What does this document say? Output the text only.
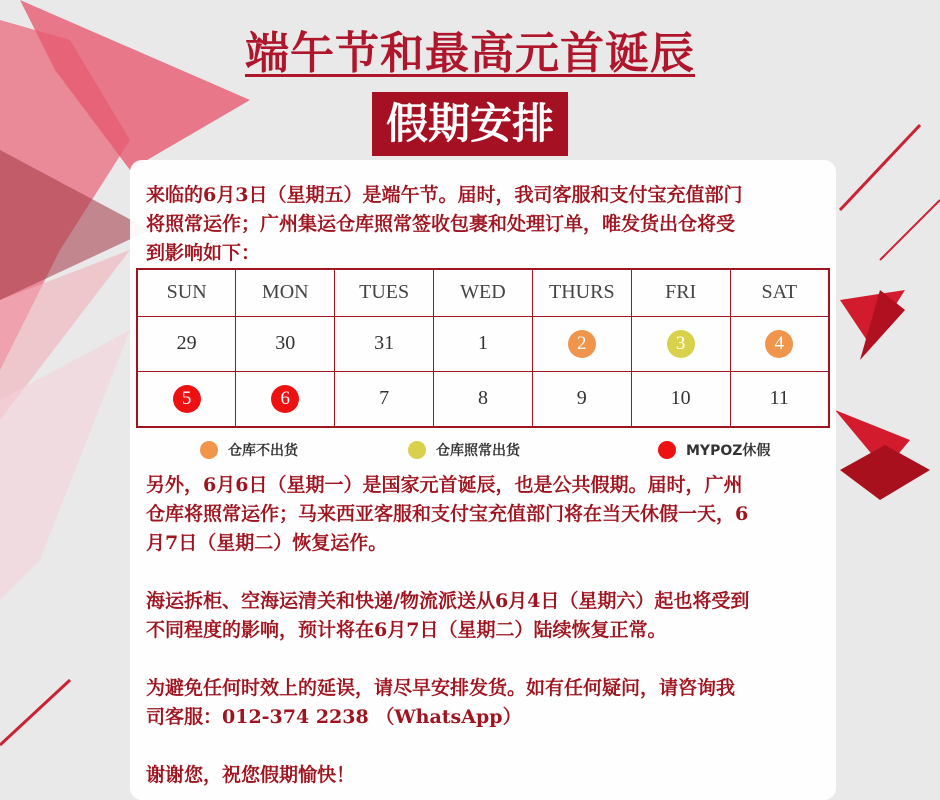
端午节和最高元首诞辰
假期安排

来临的6月3日（星期五）是端午节。届时，我司客服和支付宝充值部门
将照常运作；广州集运仓库照常签收包裹和处理订单，唯发货出仓将受
到影响如下：

SUN	MON	TUES	WED	THURS	FRI	SAT
29	30	31	1	2	3	4
5	6	7	8	9	10	11
仓库不出货	仓库照常出货	MYPOZ休假

另外，6月6日（星期一）是国家元首诞辰，也是公共假期。届时，广州
仓库将照常运作；马来西亚客服和支付宝充值部门将在当天休假一天，6
月7日（星期二）恢复运作。

海运拆柜、空海运清关和快递/物流派送从6月4日（星期六）起也将受到
不同程度的影响，预计将在6月7日（星期二）陆续恢复正常。

为避免任何时效上的延误，请尽早安排发货。如有任何疑问，请咨询我
司客服：012-374 2238 （WhatsApp）

谢谢您，祝您假期愉快！
